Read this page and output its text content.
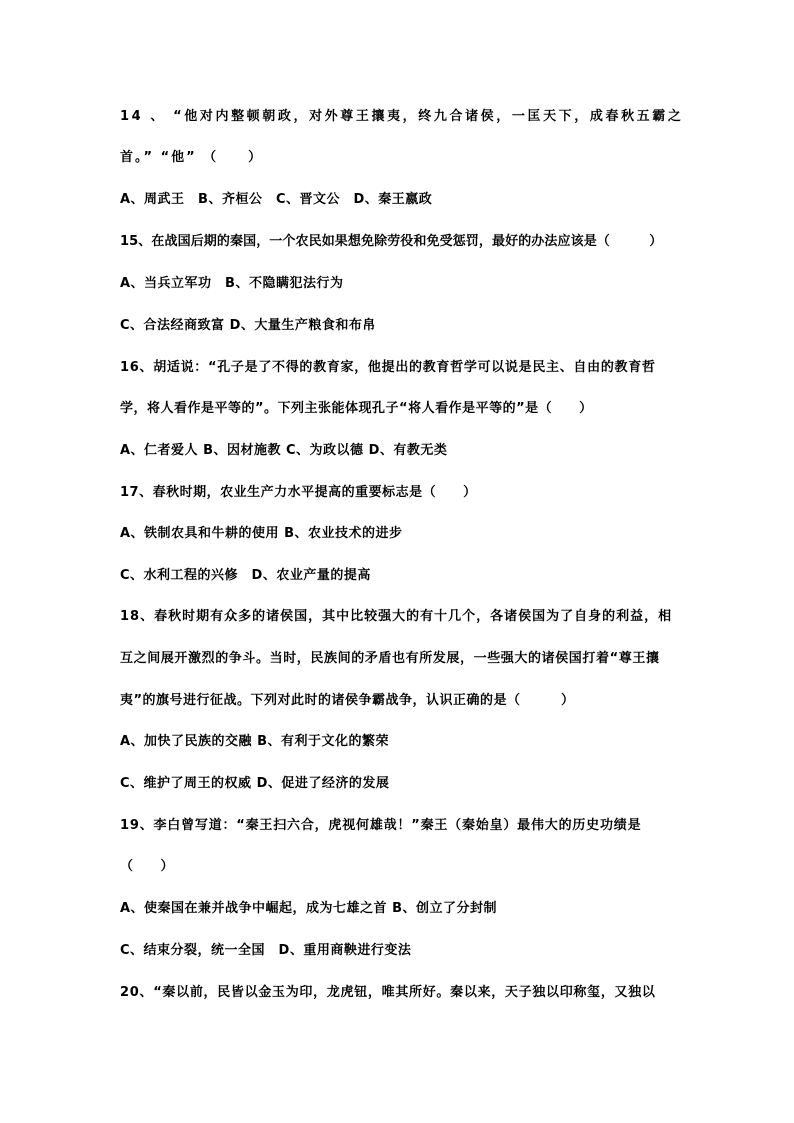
14 、 “他对内整顿朝政，对外尊王攘夷，终九合诸侯，一匡天下，成春秋五霸之

首。” “他” （　　）

A、周武王　B、齐桓公　C、晋文公　D、秦王嬴政

15、在战国后期的秦国，一个农民如果想免除劳役和免受惩罚，最好的办法应该是（　　　）

A、当兵立军功　B、不隐瞒犯法行为

C、合法经商致富 D、大量生产粮食和布帛

16、胡适说：“孔子是了不得的教育家，他提出的教育哲学可以说是民主、自由的教育哲

学，将人看作是平等的”。下列主张能体现孔子“将人看作是平等的”是（　　）

A、仁者爱人 B、因材施教 C、为政以德 D、有教无类

17、春秋时期，农业生产力水平提高的重要标志是（　　）

A、铁制农具和牛耕的使用 B、农业技术的进步

C、水利工程的兴修　D、农业产量的提高

18、春秋时期有众多的诸侯国，其中比较强大的有十几个，各诸侯国为了自身的利益，相

互之间展开激烈的争斗。当时，民族间的矛盾也有所发展，一些强大的诸侯国打着“尊王攘

夷”的旗号进行征战。下列对此时的诸侯争霸战争，认识正确的是（　　　）

A、加快了民族的交融 B、有利于文化的繁荣

C、维护了周王的权威 D、促进了经济的发展

19、李白曾写道：“秦王扫六合，虎视何雄哉！”秦王（秦始皇）最伟大的历史功绩是

（　　）

A、使秦国在兼并战争中崛起，成为七雄之首 B、创立了分封制

C、结束分裂，统一全国　D、重用商鞅进行变法

20、“秦以前，民皆以金玉为印，龙虎钮，唯其所好。秦以来，天子独以印称玺，又独以
